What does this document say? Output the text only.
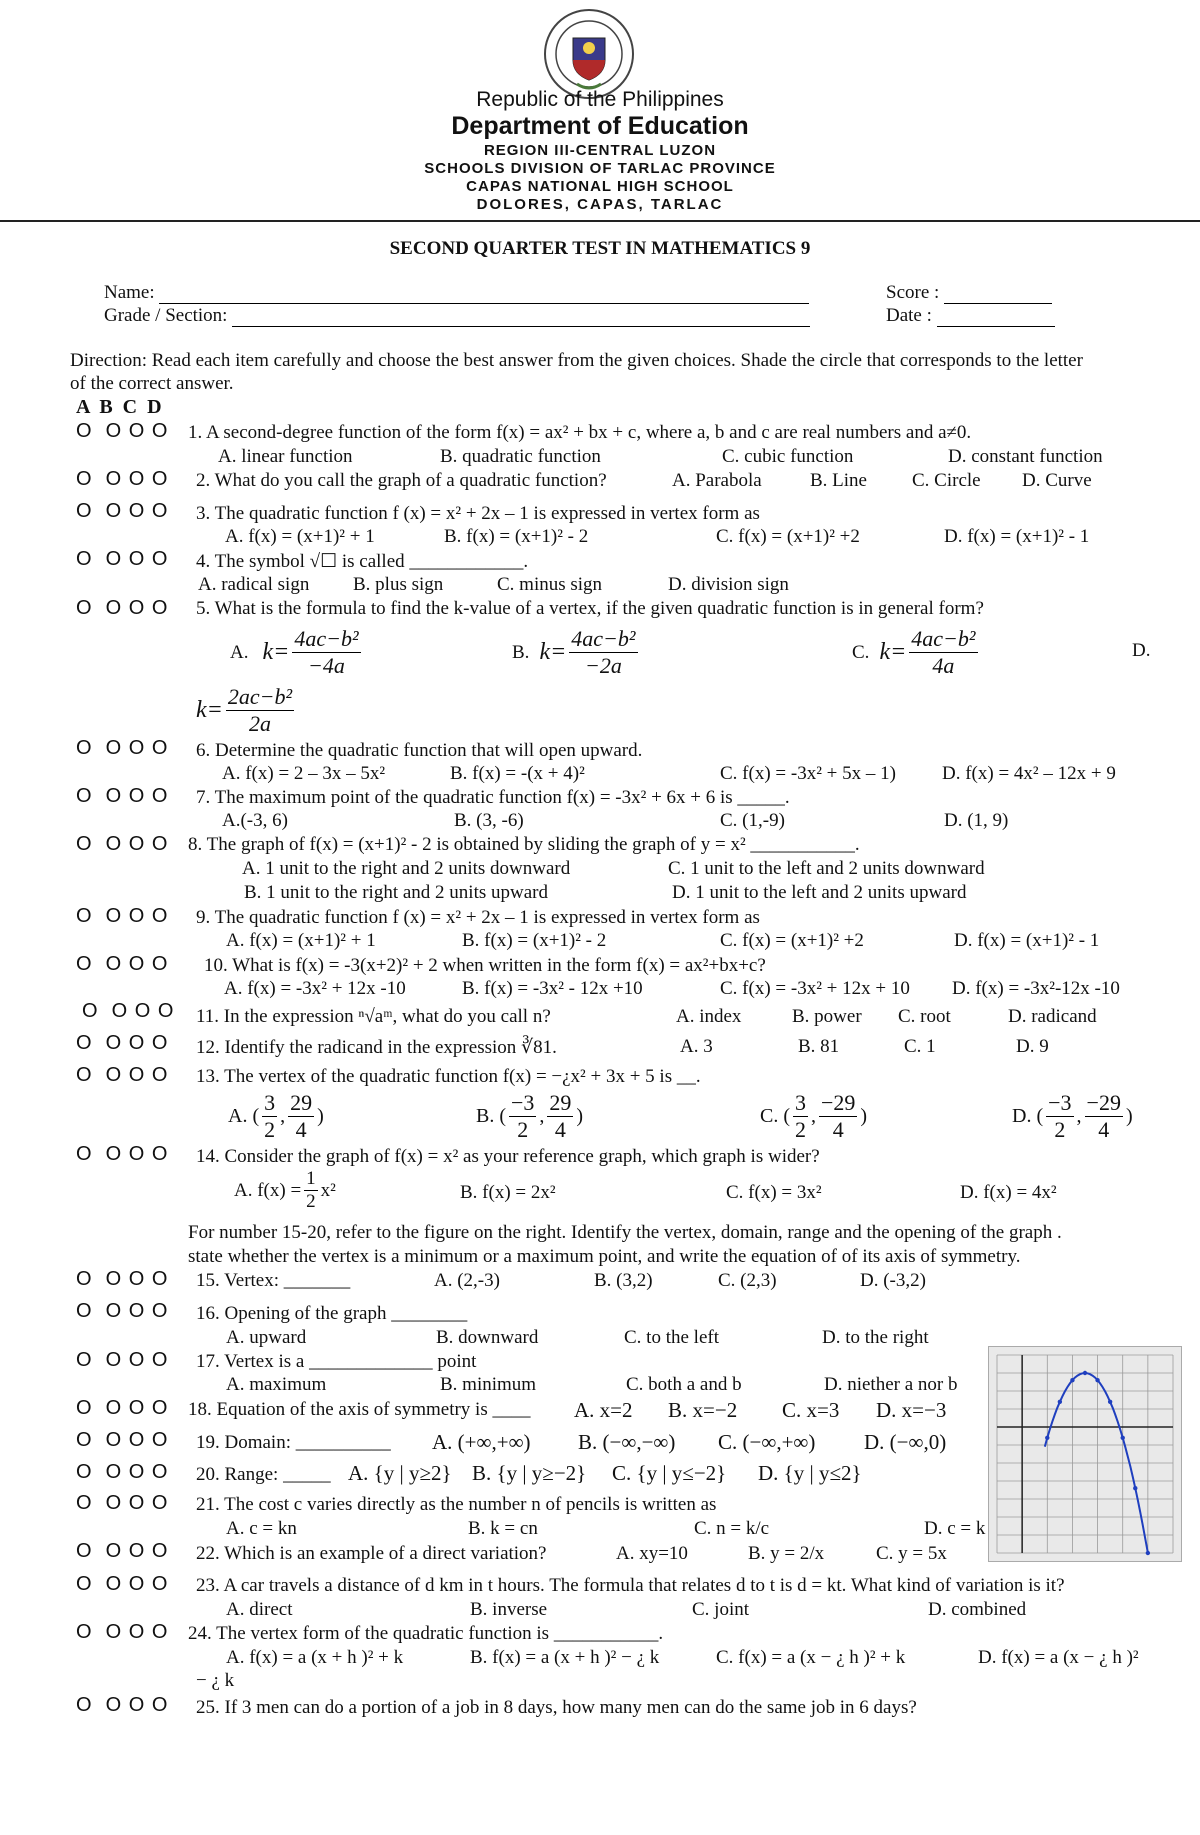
Republic of the Philippines
Department of Education
REGION III-CENTRAL LUZON
SCHOOLS DIVISION OF TARLAC PROVINCE
CAPAS NATIONAL HIGH SCHOOL
DOLORES, CAPAS, TARLAC
SECOND QUARTER TEST IN MATHEMATICS 9
Name:
Grade / Section:
Score :
Date :
Direction: Read each item carefully and choose the best answer from the given choices. Shade the circle that corresponds to the letter
of the correct answer.
A  B  C  D
O  O O O 1. A second-degree function of the form f(x) = ax² + bx + c, where a, b and c are real numbers and a≠0.
A. linear function	B. quadratic function	C. cubic function	D. constant function
O  O O O 2. What do you call the graph of a quadratic function?	A. Parabola	B. Line C. Circle D. Curve
O  O O O 3. The quadratic function f (x) = x² + 2x – 1 is expressed in vertex form as
A. f(x) = (x+1)² + 1	B. f(x) = (x+1)² - 2	C. f(x) = (x+1)² +2	D. f(x) = (x+1)² - 1
O  O O O 4. The symbol √☐ is called ____________.
A. radical sign B. plus sign	C. minus sign	D. division sign
O  O O O 5. What is the formula to find the k-value of a vertex, if the given quadratic function is in general form?
A. $k= \frac{\text{4ac−b²}}{-4a}$	B. $k= \frac{\text{4ac−b²}}{-2a}$	C. $k= \frac{\text{4ac−b²}}{4a}$	D.
$k= \frac{\text{2ac−b²}}{2a}$
O  O O O 6. Determine the quadratic function that will open upward.
A. f(x) = 2 – 3x – 5x²	B. f(x) = -(x + 4)²	C. f(x) = -3x² + 5x – 1) D. f(x) = 4x² – 12x + 9
O  O O O 7. The maximum point of the quadratic function f(x) = -3x² + 6x + 6 is _____.
A.(-3, 6)	B. (3, -6)	C. (1,-9)	D. (1, 9)
O  O O O 8. The graph of f(x) = (x+1)² - 2 is obtained by sliding the graph of y = x² ___________.
A. 1 unit to the right and 2 units downward	C. 1 unit to the left and 2 units downward
B. 1 unit to the right and 2 units upward	D. 1 unit to the left and 2 units upward
O  O O O 9. The quadratic function f (x) = x² + 2x – 1 is expressed in vertex form as
A. f(x) = (x+1)² + 1	B. f(x) = (x+1)² - 2	C. f(x) = (x+1)² +2	D. f(x) = (x+1)² - 1
O  O O O 10. What is f(x) = -3(x+2)² + 2 when written in the form f(x) = ax²+bx+c?
A. f(x) = -3x² + 12x -10	B. f(x) = -3x² - 12x +10	C. f(x) = -3x² + 12x + 10 D. f(x) = -3x²-12x -10
O  O O O 11. In the expression ⁿ√aᵐ, what do you call n?	A. index	B. power C. root	D. radicand
O  O O O 12. Identify the radicand in the expression ∛81.	A. 3	B. 81	C. 1	D. 9
O  O O O 13. The vertex of the quadratic function f(x) = −¿x² + 3x + 5 is __.
A. ( $\frac{3}{2}$ , $\frac{29}{4}$ )	B. ( $\frac{-3}{2}$ , $\frac{29}{4}$ )	C. ( $\frac{3}{2}$ , $\frac{-29}{4}$ )	D. ( $\frac{-3}{2}$ , $\frac{-29}{4}$ )
O  O O O 14. Consider the graph of f(x) = x² as your reference graph, which graph is wider?
A. $f(x) = \frac{1}{2} x^2$	B. f(x) = 2x²	C. f(x) = 3x²	D. f(x) = 4x²
For number 15-20, refer to the figure on the right. Identify the vertex, domain, range and the opening of the graph .
state whether the vertex is a minimum or a maximum point, and write the equation of of its axis of symmetry.
O  O O O 15. Vertex: _______	A. (2,-3)	B. (3,2)	C. (2,3)	D. (-3,2)
O  O O O 16. Opening of the graph ________
A. upward	B. downward	C. to the left	D. to the right
O  O O O 17. Vertex is a _____________ point
A. maximum	B. minimum	C. both a and b	D. niether a nor b
O  O O O 18. Equation of the axis of symmetry is ____ A. x=2 B. x=−2 C. x=3 D. x=−3
O  O O O 19. Domain: __________ A. (+∞,+∞) B. (−∞,−∞) C. (−∞,+∞) D. (−∞,0)
O  O O O 20. Range: _____ A. {y | y≥2} B. {y | y≥−2} C. {y | y≤−2} D. {y | y≤2}
O  O O O 21. The cost c varies directly as the number n of pencils is written as
A. c = kn	B. k = cn	C. n = k/c	D. c = k
O  O O O 22. Which is an example of a direct variation?	A. xy=10	B. y = 2/x	C. y = 5x
O  O O O 23. A car travels a distance of d km in t hours. The formula that relates d to t is d = kt. What kind of variation is it?
A. direct	B. inverse	C. joint	D. combined
O  O O O 24. The vertex form of the quadratic function is ___________.
A. f(x) = a (x + h )² + k	B. f(x) = a (x + h )² − ¿ k	C. f(x) = a (x − ¿ h )² + k	D. f(x) = a (x − ¿ h )²
− ¿ k
O  O O O 25. If 3 men can do a portion of a job in 8 days, how many men can do the same job in 6 days?
